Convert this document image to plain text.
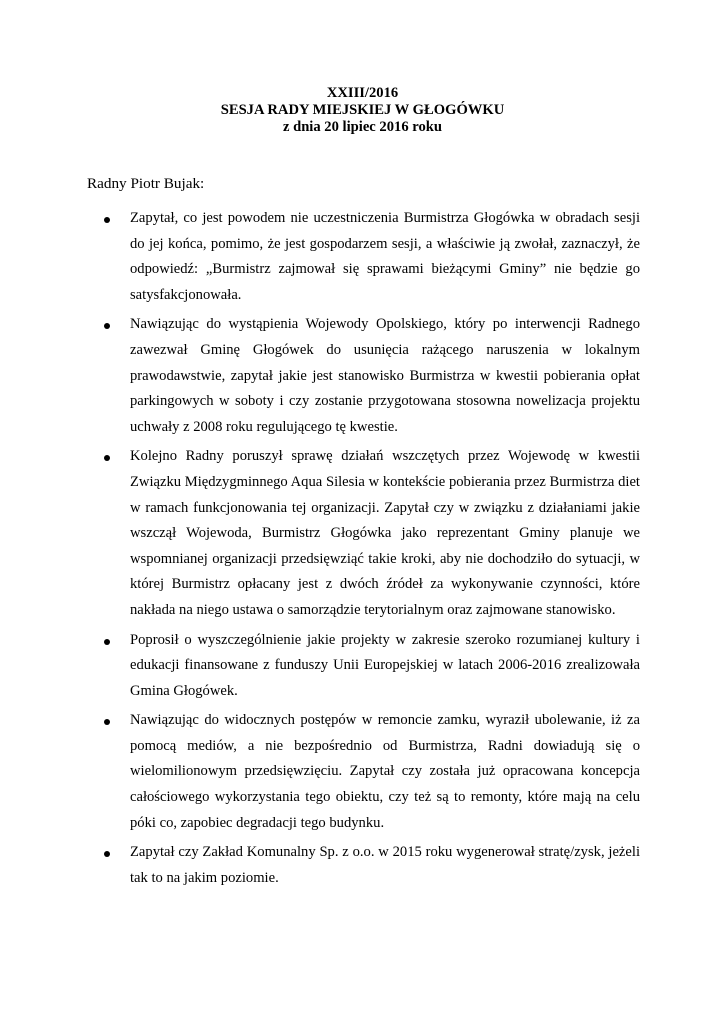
XXIII/2016
SESJA RADY MIEJSKIEJ W GŁOGÓWKU
z dnia 20 lipiec 2016 roku
Radny Piotr Bujak:
Zapytał, co jest powodem nie uczestniczenia Burmistrza Głogówka w obradach sesji do jej końca, pomimo, że jest gospodarzem sesji, a właściwie ją zwołał, zaznaczył, że odpowiedź: „Burmistrz zajmował się sprawami bieżącymi Gminy” nie będzie go satysfakcjonowała.
Nawiązując do wystąpienia Wojewody Opolskiego, który po interwencji Radnego zawezwał Gminę Głogówek do usunięcia rażącego naruszenia w lokalnym prawodawstwie, zapytał jakie jest stanowisko Burmistrza w kwestii pobierania opłat parkingowych w soboty i czy zostanie przygotowana stosowna nowelizacja projektu uchwały z 2008 roku regulującego tę kwestie.
Kolejno Radny poruszył sprawę działań wszczętych przez Wojewodę w kwestii Związku Międzygminnego Aqua Silesia w kontekście pobierania przez Burmistrza diet w ramach funkcjonowania tej organizacji. Zapytał czy w związku z działaniami jakie wszczął Wojewoda, Burmistrz Głogówka jako reprezentant Gminy planuje we wspomnianej organizacji przedsięwziąć takie kroki, aby nie dochodziło do sytuacji, w której Burmistrz opłacany jest z dwóch źródeł za wykonywanie czynności, które nakłada na niego ustawa o samorządzie terytorialnym oraz zajmowane stanowisko.
Poprosił o wyszczególnienie jakie projekty w zakresie szeroko rozumianej kultury i edukacji finansowane z funduszy Unii Europejskiej w latach 2006-2016 zrealizowała Gmina Głogówek.
Nawiązując do widocznych postępów w remoncie zamku, wyraził ubolewanie, iż za pomocą mediów, a nie bezpośrednio od Burmistrza, Radni dowiadują się o wielomilionowym przedsięwzięciu. Zapytał czy została już opracowana koncepcja całościowego wykorzystania tego obiektu, czy też są to remonty, które mają na celu póki co, zapobiec degradacji tego budynku.
Zapytał czy Zakład Komunalny Sp. z o.o. w 2015 roku wygenerował stratę/zysk, jeżeli tak to na jakim poziomie.
